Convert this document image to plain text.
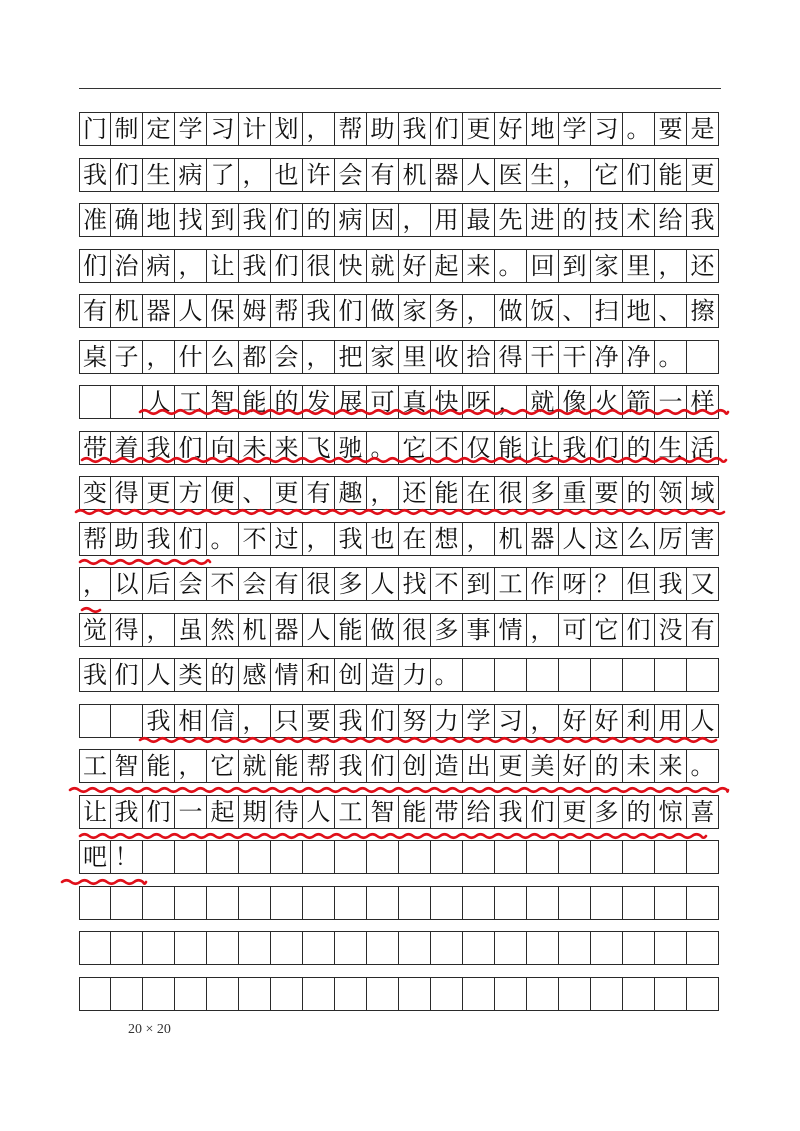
门 制 定 学 习 计 划 ， 帮 助 我 们 更 好 地 学 习 。 要 是
我 们 生 病 了 ， 也 许 会 有 机 器 人 医 生 ， 它 们 能 更
准 确 地 找 到 我 们 的 病 因 ， 用 最 先 进 的 技 术 给 我
们 治 病 ， 让 我 们 很 快 就 好 起 来 。 回 到 家 里 ， 还
有 机 器 人 保 姆 帮 我 们 做 家 务 ， 做 饭 、 扫 地 、 擦
桌 子 ， 什 么 都 会 ， 把 家 里 收 拾 得 干 干 净 净 。
人 工 智 能 的 发 展 可 真 快 呀 ， 就 像 火 箭 一 样
带 着 我 们 向 未 来 飞 驰 。 它 不 仅 能 让 我 们 的 生 活
变 得 更 方 便 、 更 有 趣 ， 还 能 在 很 多 重 要 的 领 域
帮 助 我 们 。 不 过 ， 我 也 在 想 ， 机 器 人 这 么 厉 害
， 以 后 会 不 会 有 很 多 人 找 不 到 工 作 呀 ？ 但 我 又
觉 得 ， 虽 然 机 器 人 能 做 很 多 事 情 ， 可 它 们 没 有
我 们 人 类 的 感 情 和 创 造 力 。
我 相 信 ， 只 要 我 们 努 力 学 习 ， 好 好 利 用 人
工 智 能 ， 它 就 能 帮 我 们 创 造 出 更 美 好 的 未 来 。
让 我 们 一 起 期 待 人 工 智 能 带 给 我 们 更 多 的 惊 喜
吧 ！
20 × 20
